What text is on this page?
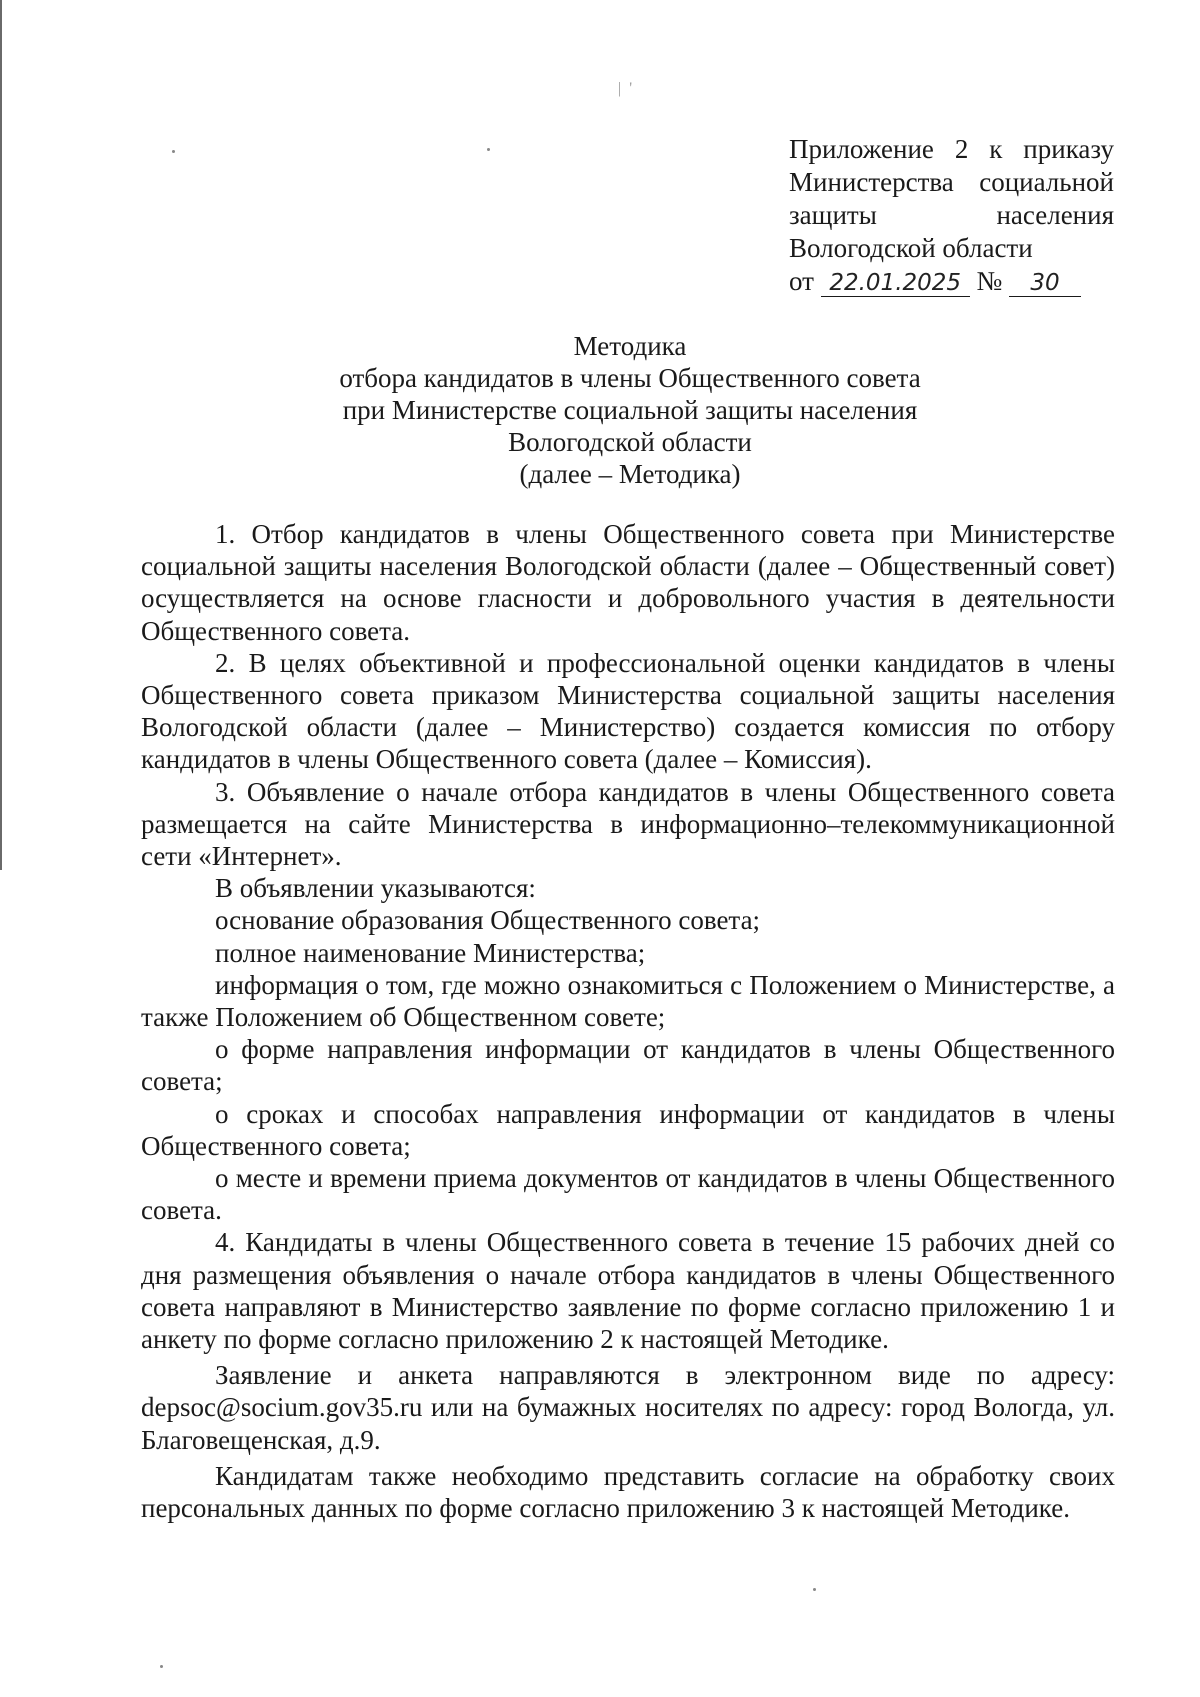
| '
Приложение 2 к приказу
Министерства социальной
защиты населения
Вологодской области
от 22.01.2025 № 30
Методика
отбора кандидатов в члены Общественного совета
при Министерстве социальной защиты населения
Вологодской области
(далее – Методика)

1. Отбор кандидатов в члены Общественного совета при Министерстве социальной защиты населения Вологодской области (далее – Общественный совет) осуществляется на основе гласности и добровольного участия в деятельности Общественного совета.

2. В целях объективной и профессиональной оценки кандидатов в члены Общественного совета приказом Министерства социальной защиты населения Вологодской области (далее – Министерство) создается комиссия по отбору кандидатов в члены Общественного совета (далее – Комиссия).

3. Объявление о начале отбора кандидатов в члены Общественного совета размещается на сайте Министерства в информационно–телекоммуникационной сети «Интернет».

В объявлении указываются:

основание образования Общественного совета;

полное наименование Министерства;

информация о том, где можно ознакомиться с Положением о Министерстве, а также Положением об Общественном совете;

о форме направления информации от кандидатов в члены Общественного совета;

о сроках и способах направления информации от кандидатов в члены Общественного совета;

о месте и времени приема документов от кандидатов в члены Общественного совета.

4. Кандидаты в члены Общественного совета в течение 15 рабочих дней со дня размещения объявления о начале отбора кандидатов в члены Общественного совета направляют в Министерство заявление по форме согласно приложению 1 и анкету по форме согласно приложению 2 к настоящей Методике.

Заявление и анкета направляются в электронном виде по адресу: depsoc@socium.gov35.ru или на бумажных носителях по адресу: город Вологда, ул. Благовещенская, д.9.

Кандидатам также необходимо представить согласие на обработку своих персональных данных по форме согласно приложению 3 к настоящей Методике.
